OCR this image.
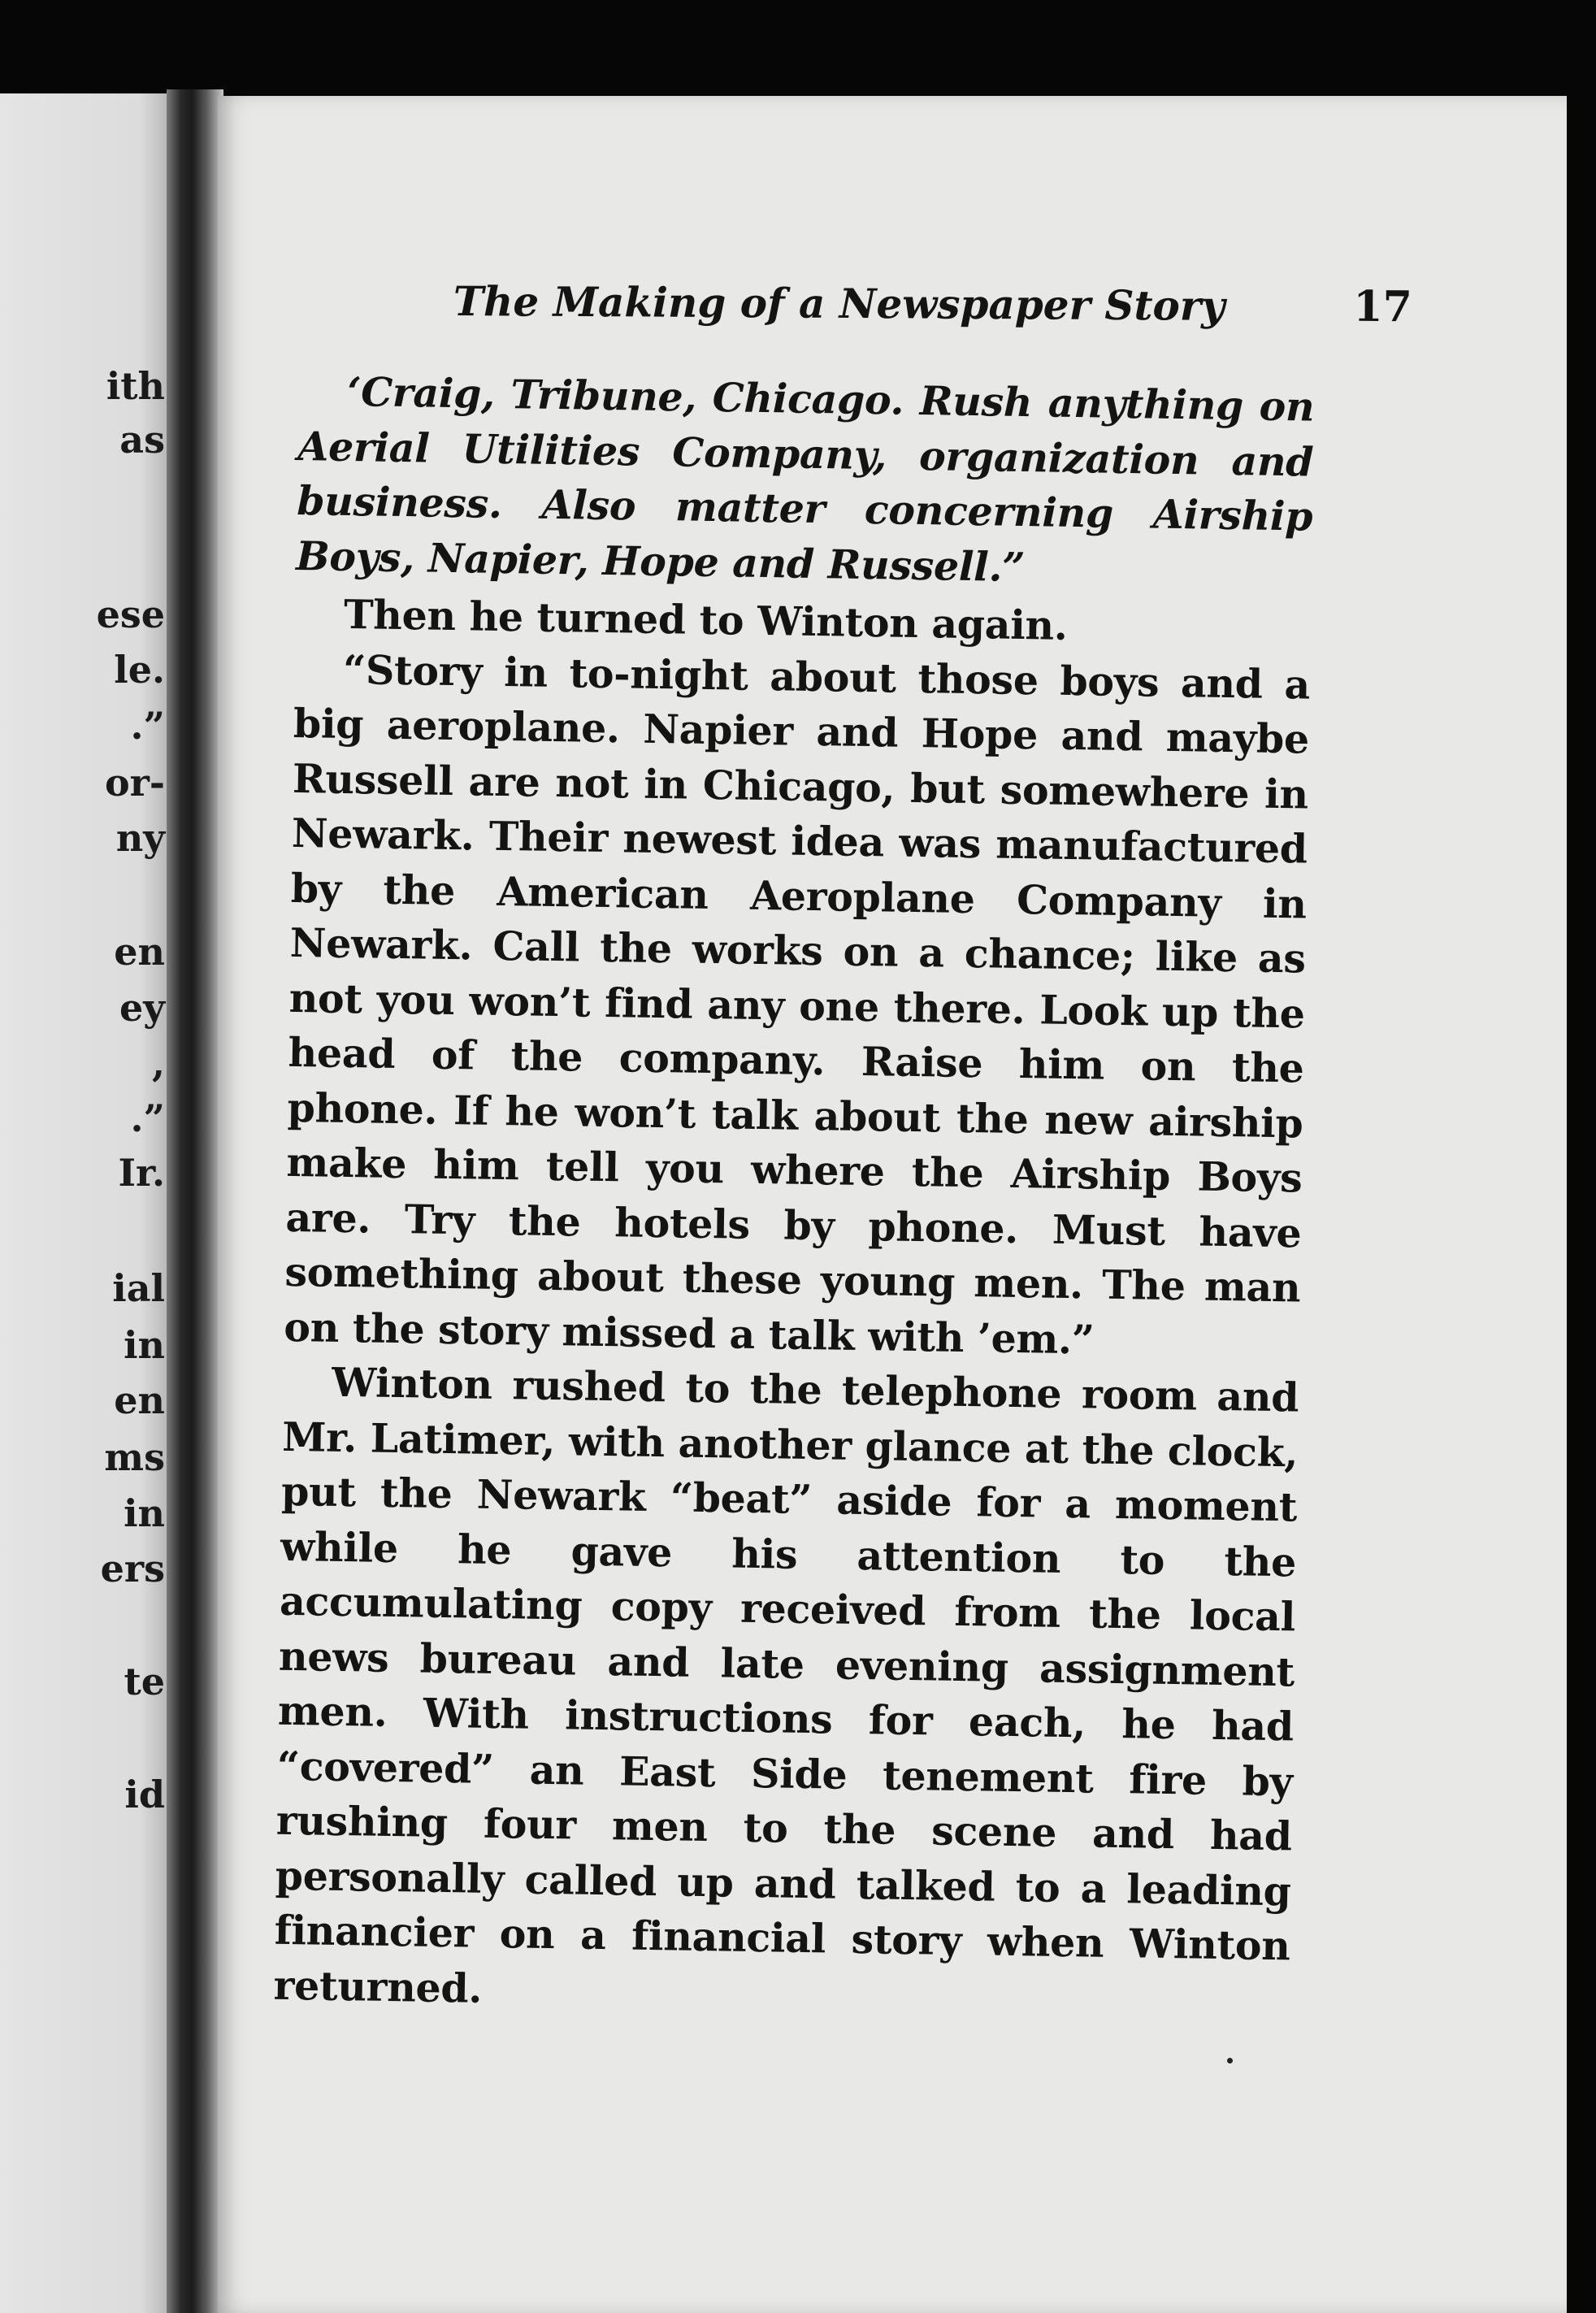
ith
as
ese
le.
.”
or-
ny
en
ey
,
.”
Ir.
ial
in
en
ms
in
ers
te
id
The Making of a Newspaper Story	17

‘Craig, Tribune, Chicago. Rush anything on Aerial Utilities Company, organization and business. Also matter concerning Airship Boys, Napier, Hope and Russell.”

Then he turned to Winton again.

“Story in to-night about those boys and a big aeroplane. Napier and Hope and maybe Russell are not in Chicago, but somewhere in Newark. Their newest idea was manufactured by the American Aeroplane Company in Newark. Call the works on a chance; like as not you won’t find any one there. Look up the head of the company. Raise him on the phone. If he won’t talk about the new airship make him tell you where the Airship Boys are. Try the hotels by phone. Must have something about these young men. The man on the story missed a talk with ’em.”

Winton rushed to the telephone room and Mr. Latimer, with another glance at the clock, put the Newark “beat” aside for a moment while he gave his attention to the accumulating copy received from the local news bureau and late evening assignment men. With instructions for each, he had “covered” an East Side tenement fire by rushing four men to the scene and had personally called up and talked to a leading financier on a financial story when Winton returned.
